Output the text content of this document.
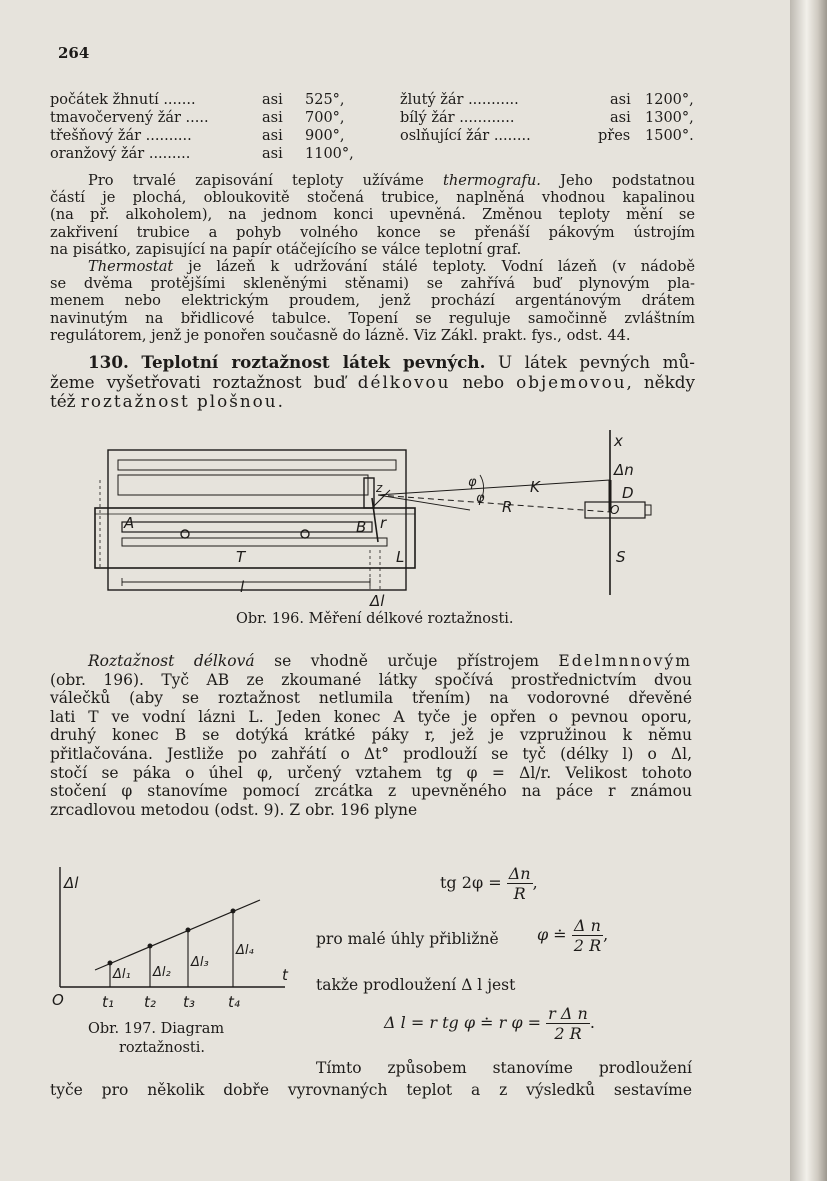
264
počátek žhnutí .......	asi 525°,
tmavočervený žár .....	asi 700°,
třešňový žár ..........	asi 900°,
oranžový žár .........	asi 1100°,
žlutý žár ...........	asi 1200°,
bílý žár ............	asi 1300°,
oslňující žár ........	přes 1500°.
Pro trvalé zapisování teploty užíváme thermografu. Jeho podstatnou
částí je plochá, obloukovitě stočená trubice, naplněná vhodnou kapalinou
(na př. alkoholem), na jednom konci upevněná. Změnou teploty mění se
zakřivení trubice a pohyb volného konce se přenáší pákovým ústrojím
na pisátko, zapisující na papír otáčejícího se válce teplotní graf.
Thermostat je lázeň k udržování stálé teploty. Vodní lázeň (v nádobě
se dvěma protějšími skleněnými stěnami) se zahřívá buď plynovým pla-
menem nebo elektrickým proudem, jenž prochází argentánovým drátem
navinutým na břidlicové tabulce. Topení se reguluje samočinně zvláštním
regulátorem, jenž je ponořen současně do lázně. Viz Zákl. prakt. fys., odst. 44.
130. Teplotní roztažnost látek pevných. U látek pevných mů-
žeme vyšetřovati roztažnost buď délkovou nebo objemovou, někdy
též roztažnost plošnou.
x
Δn
D
O
S
K
R
φ
φ
z
A	B r
T	L
l
Δl
Obr. 196. Měření délkové roztažnosti.
Roztažnost délková se vhodně určuje přístrojem Edelmnnovým
(obr. 196). Tyč AB ze zkoumané látky spočívá prostřednictvím dvou
válečků (aby se roztažnost netlumila třením) na vodorovné dřevěné
lati T ve vodní lázni L. Jeden konec A tyče je opřen o pevnou oporu,
druhý konec B se dotýká krátké páky r, jež je vzpružinou k němu
přitlačována. Jestliže po zahřátí o Δt° prodlouží se tyč (délky l) o Δl,
stočí se páka o úhel φ, určený vztahem tg φ = Δl/r. Velikost tohoto
stočení φ stanovíme pomocí zrcátka z upevněného na páce r známou
zrcadlovou metodou (odst. 9). Z obr. 196 plyne
Δl
t
O
Δl₁ Δl₂
Δl₃
Δl₄
t₁ t₂ t₃ t₄
Obr. 197. Diagram
roztažnosti.
tg $2\varphi = \frac{\Delta n}{R}$ ,
pro malé úhly přibližně φ ≐ $\frac{\text{Δ n}}{2 R}$ ,
takže prodloužení Δ l jest
Δ l = r tg φ ≐ r $\varphi = \frac{\text{r Δ n}}{2 R}$ .
Tímto způsobem stanovíme prodloužení
tyče pro několik dobře vyrovnaných teplot a z výsledků sestavíme
